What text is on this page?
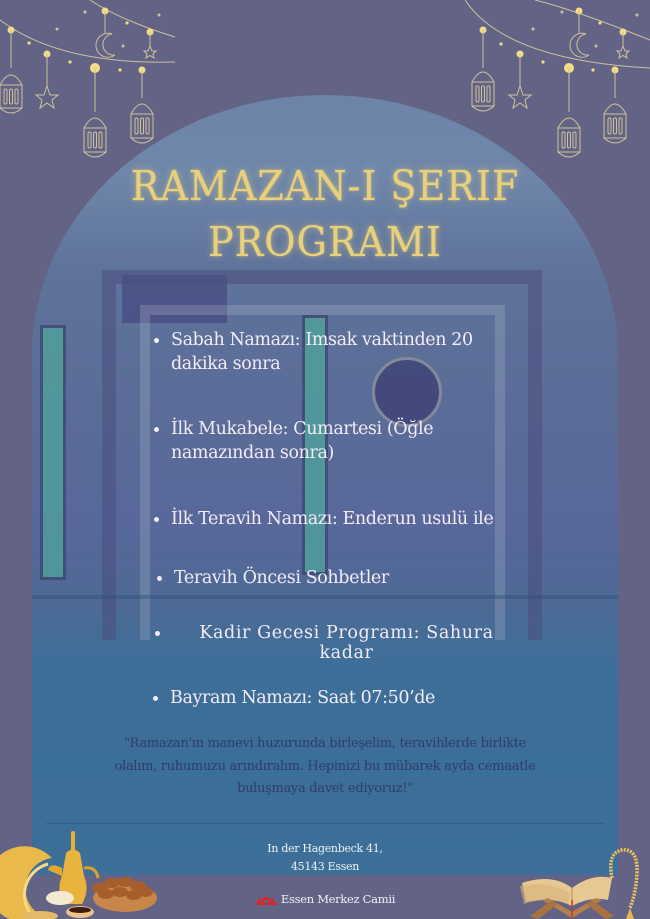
RAMAZAN-I ŞERIF
PROGRAMI
Sabah Namazı: Imsak vaktinden 20 dakika sonra
İlk Mukabele: Cumartesi (Öğle namazından sonra)
İlk Teravih Namazı: Enderun usulü ile
Teravih Öncesi Sohbetler
Kadir Gecesi Programı: Sahura kadar
Bayram Namazı: Saat 07:50’de

"Ramazan'ın manevi huzurunda birleşelim, teravihlerde birlikte olalım, ruhumuzu arındıralım. Hepinizi bu mübarek ayda cemaatle buluşmaya davet ediyoruz!"

In der Hagenbeck 41,
45143 Essen
Essen Merkez Camii
